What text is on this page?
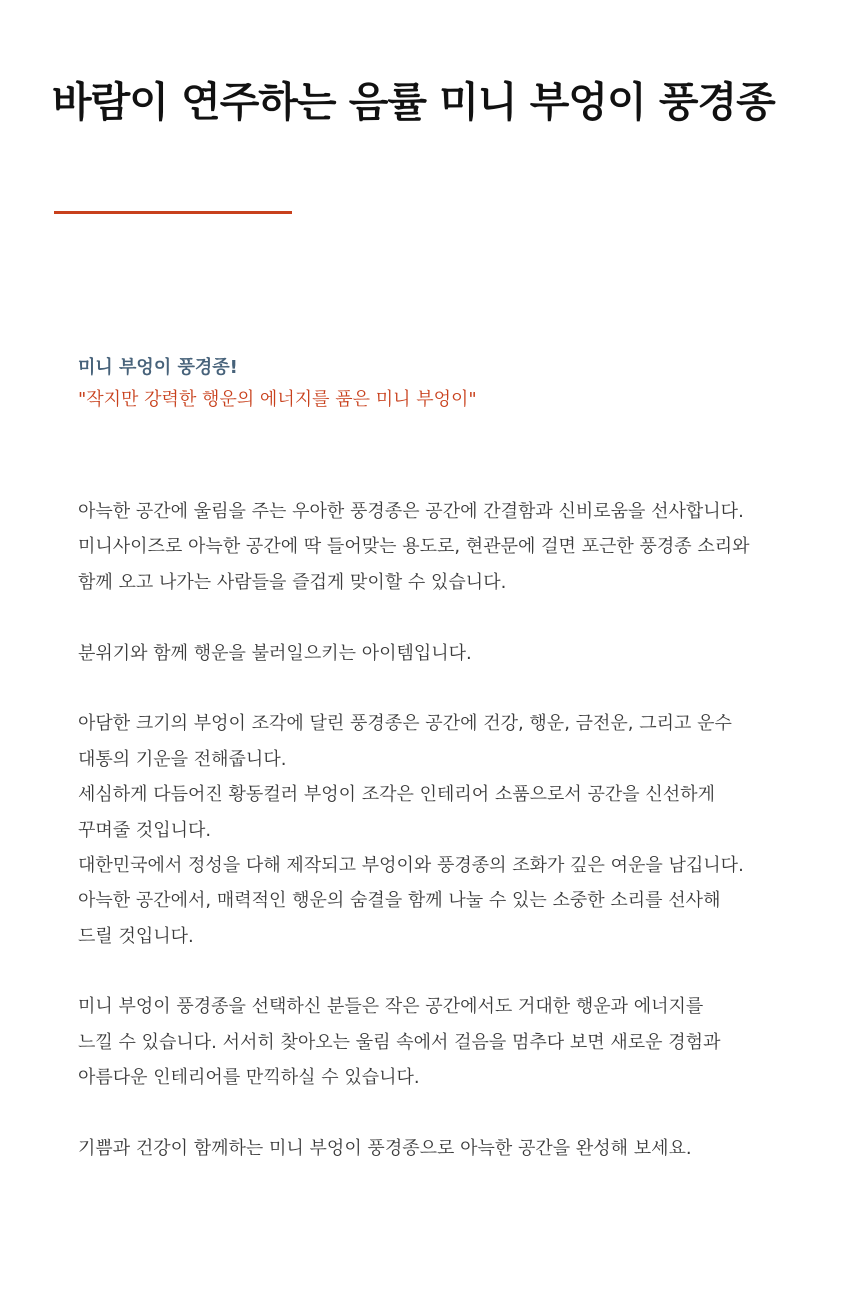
바람이 연주하는 음률 미니 부엉이 풍경종
미니 부엉이 풍경종!
"작지만 강력한 행운의 에너지를 품은 미니 부엉이"
아늑한 공간에 울림을 주는 우아한 풍경종은 공간에 간결함과 신비로움을 선사합니다.
미니사이즈로 아늑한 공간에 딱 들어맞는 용도로, 현관문에 걸면 포근한 풍경종 소리와
함께 오고 나가는 사람들을 즐겁게 맞이할 수 있습니다.
분위기와 함께 행운을 불러일으키는 아이템입니다.
아담한 크기의 부엉이 조각에 달린 풍경종은 공간에 건강, 행운, 금전운, 그리고 운수
대통의 기운을 전해줍니다.
세심하게 다듬어진 황동컬러 부엉이 조각은 인테리어 소품으로서 공간을 신선하게
꾸며줄 것입니다.
대한민국에서 정성을 다해 제작되고 부엉이와 풍경종의 조화가 깊은 여운을 남깁니다.
아늑한 공간에서, 매력적인 행운의 숨결을 함께 나눌 수 있는 소중한 소리를 선사해
드릴 것입니다.
미니 부엉이 풍경종을 선택하신 분들은 작은 공간에서도 거대한 행운과 에너지를
느낄 수 있습니다. 서서히 찾아오는 울림 속에서 걸음을 멈추다 보면 새로운 경험과
아름다운 인테리어를 만끽하실 수 있습니다.
기쁨과 건강이 함께하는 미니 부엉이 풍경종으로 아늑한 공간을 완성해 보세요.
